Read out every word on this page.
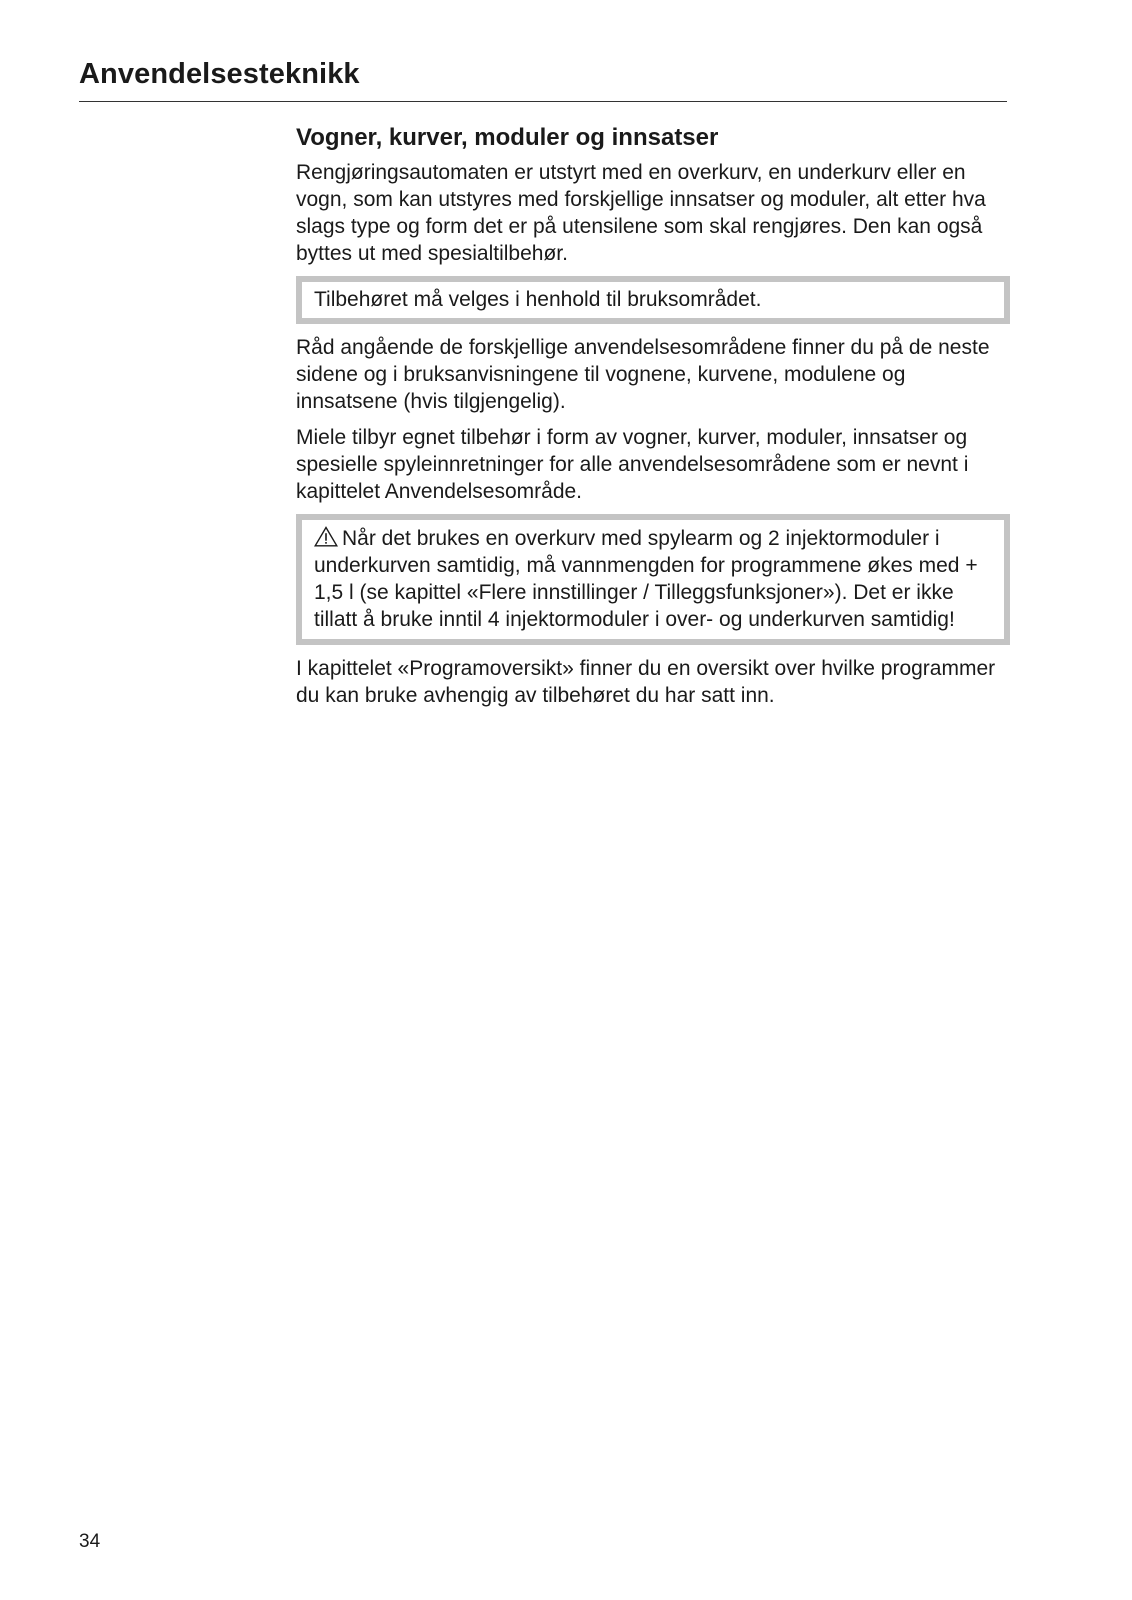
Anvendelsesteknikk
Vogner, kurver, moduler og innsatser

Rengjøringsautomaten er utstyrt med en overkurv, en underkurv eller en vogn, som kan utstyres med forskjellige innsatser og moduler, alt etter hva slags type og form det er på utensilene som skal rengjøres. Den kan også byttes ut med spesialtilbehør.

Tilbehøret må velges i henhold til bruksområdet.

Råd angående de forskjellige anvendelsesområdene finner du på de neste sidene og i bruksanvisningene til vognene, kurvene, modulene og innsatsene (hvis tilgjengelig).

Miele tilbyr egnet tilbehør i form av vogner, kurver, moduler, innsatser og spesielle spyleinnretninger for alle anvendelsesområdene som er nevnt i kapittelet Anvendelsesområde.

Når det brukes en overkurv med spylearm og 2 injektormoduler i underkurven samtidig, må vannmengden for programmene økes med + 1,5 l (se kapittel «Flere innstillinger / Tilleggsfunksjoner»). Det er ikke tillatt å bruke inntil 4 injektormoduler i over- og underkurven samtidig!

I kapittelet «Programoversikt» finner du en oversikt over hvilke programmer du kan bruke avhengig av tilbehøret du har satt inn.

34
